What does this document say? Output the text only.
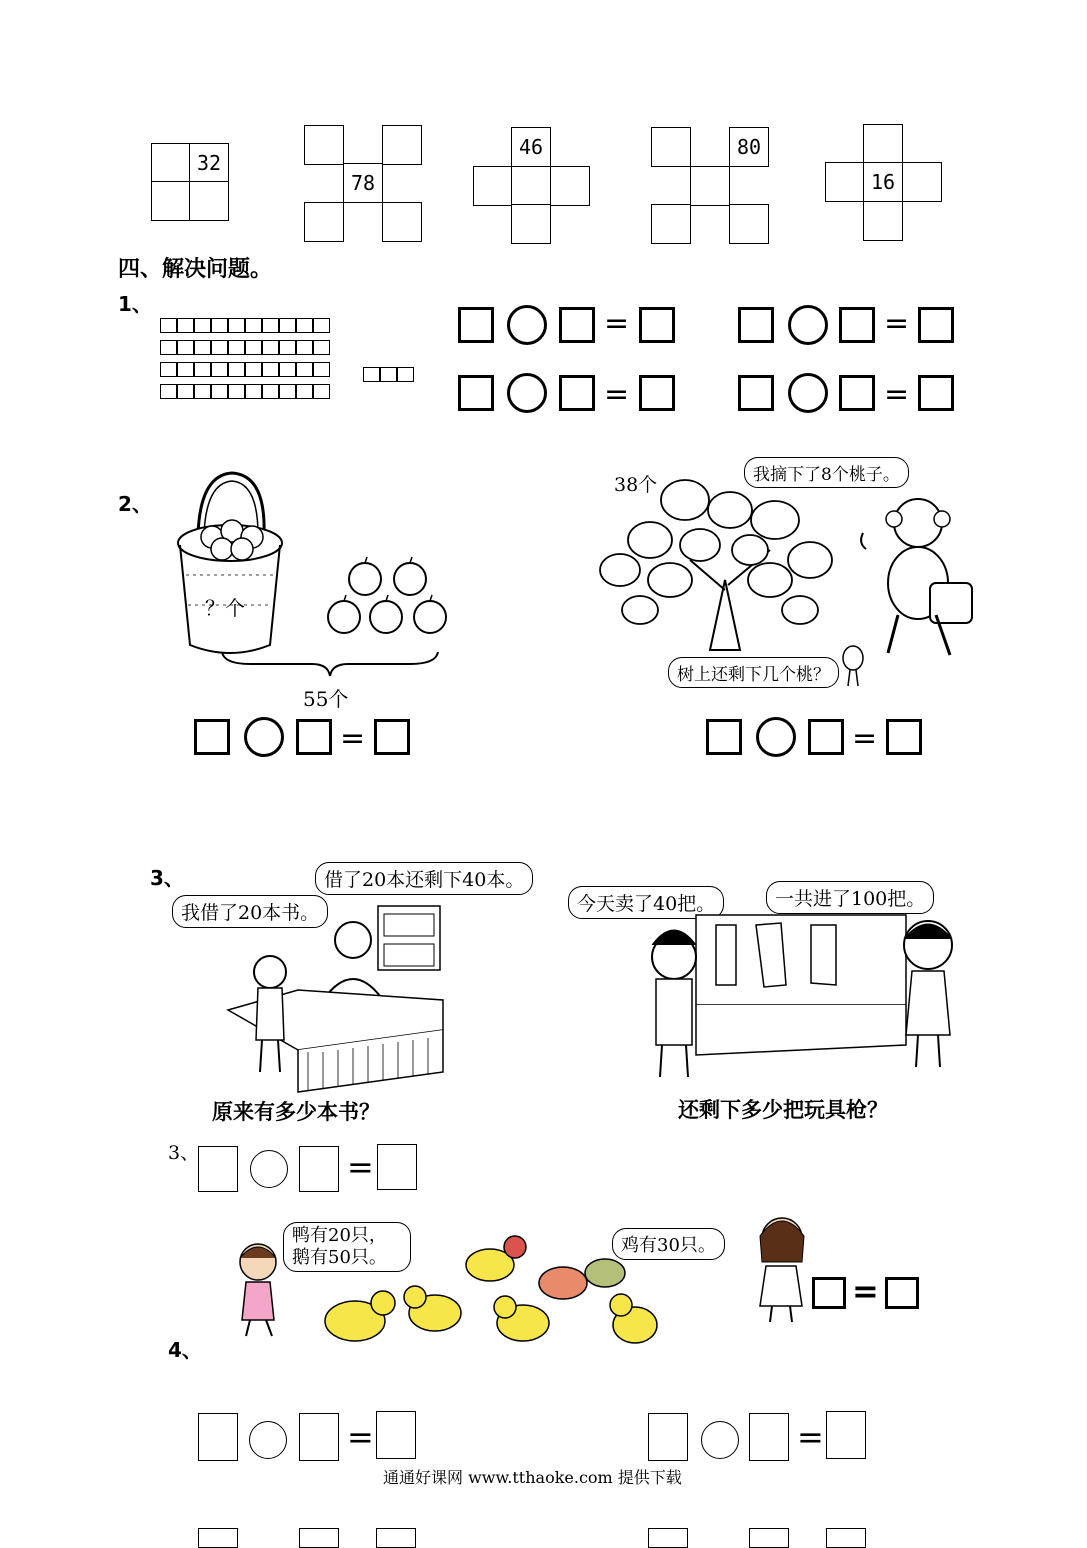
32
78
46	80
16
四、解决问题。
1、
=	=
=	=
2、
？个
55个
38个	我摘下了8个桃子。
树上还剩下几个桃？
=	=
3、	借了20本还剩下40本。
我借了20本书。
原来有多少本书？
今天卖了40把。	一共进了100把。
还剩下多少把玩具枪？
3、	=
鸭有20只，
鹅有50只。
鸡有30只。
=
4、
=	=
通通好课网 www.tthaoke.com 提供下载
